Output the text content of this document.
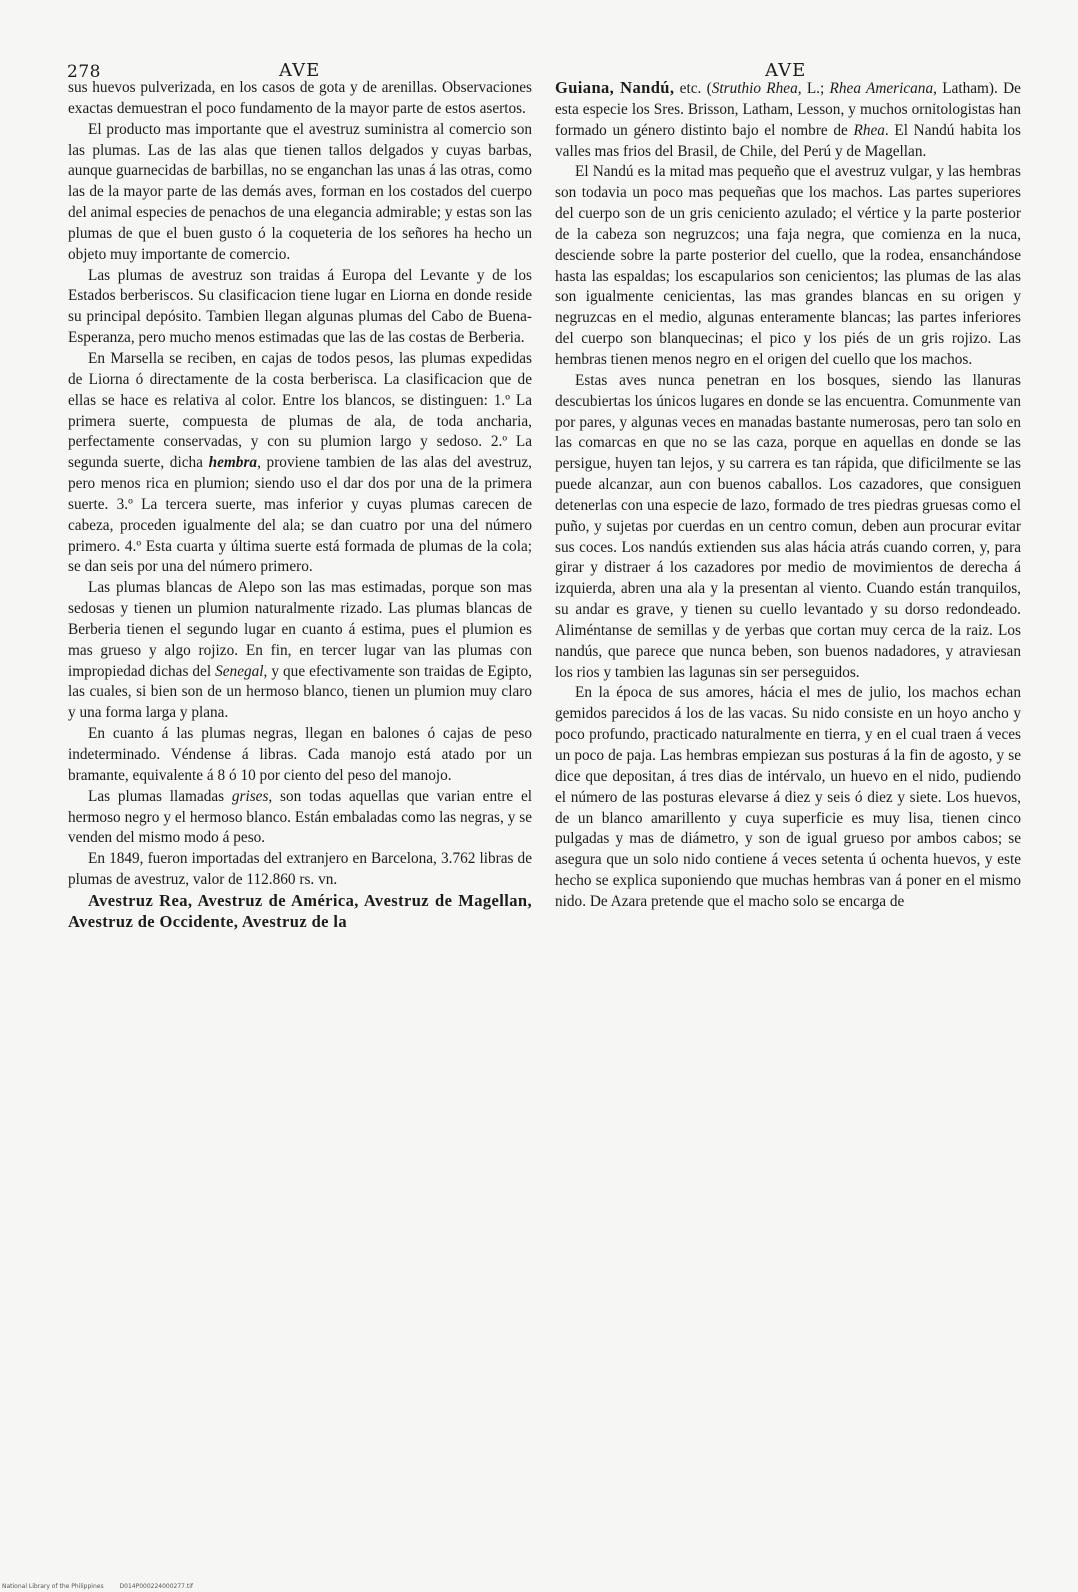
278	AVE	AVE

sus huevos pulverizada, en los casos de gota y de arenillas. Observaciones exactas demuestran el poco fundamento de la mayor parte de estos asertos.

El producto mas importante que el avestruz suministra al comercio son las plumas. Las de las alas que tienen tallos delgados y cuyas barbas, aunque guarnecidas de barbillas, no se enganchan las unas á las otras, como las de la mayor parte de las demás aves, forman en los costados del cuerpo del animal especies de penachos de una elegancia admirable; y estas son las plumas de que el buen gusto ó la coqueteria de los señores ha hecho un objeto muy importante de comercio.

Las plumas de avestruz son traidas á Europa del Levante y de los Estados berberiscos. Su clasificacion tiene lugar en Liorna en donde reside su principal depósito. Tambien llegan algunas plumas del Cabo de Buena-Esperanza, pero mucho menos estimadas que las de las costas de Berberia.

En Marsella se reciben, en cajas de todos pesos, las plumas expedidas de Liorna ó directamente de la costa berberisca. La clasificacion que de ellas se hace es relativa al color. Entre los blancos, se distinguen: 1.º La primera suerte, compuesta de plumas de ala, de toda ancharia, perfectamente conservadas, y con su plumion largo y sedoso. 2.º La segunda suerte, dicha hembra, proviene tambien de las alas del avestruz, pero menos rica en plumion; siendo uso el dar dos por una de la primera suerte. 3.º La tercera suerte, mas inferior y cuyas plumas carecen de cabeza, proceden igualmente del ala; se dan cuatro por una del número primero. 4.º Esta cuarta y última suerte está formada de plumas de la cola; se dan seis por una del número primero.

Las plumas blancas de Alepo son las mas estimadas, porque son mas sedosas y tienen un plumion naturalmente rizado. Las plumas blancas de Berberia tienen el segundo lugar en cuanto á estima, pues el plumion es mas grueso y algo rojizo. En fin, en tercer lugar van las plumas con impropiedad dichas del Senegal, y que efectivamente son traidas de Egipto, las cuales, si bien son de un hermoso blanco, tienen un plumion muy claro y una forma larga y plana.

En cuanto á las plumas negras, llegan en balones ó cajas de peso indeterminado. Véndense á libras. Cada manojo está atado por un bramante, equivalente á 8 ó 10 por ciento del peso del manojo.

Las plumas llamadas grises, son todas aquellas que varian entre el hermoso negro y el hermoso blanco. Están embaladas como las negras, y se venden del mismo modo á peso.

En 1849, fueron importadas del extranjero en Barcelona, 3.762 libras de plumas de avestruz, valor de 112.860 rs. vn.

Avestruz Rea, Avestruz de América, Avestruz de Magellan, Avestruz de Occidente, Avestruz de la

Guiana, Nandú, etc. (Struthio Rhea, L.; Rhea Americana, Latham). De esta especie los Sres. Brisson, Latham, Lesson, y muchos ornitologistas han formado un género distinto bajo el nombre de Rhea. El Nandú habita los valles mas frios del Brasil, de Chile, del Perú y de Magellan.

El Nandú es la mitad mas pequeño que el avestruz vulgar, y las hembras son todavia un poco mas pequeñas que los machos. Las partes superiores del cuerpo son de un gris ceniciento azulado; el vértice y la parte posterior de la cabeza son negruzcos; una faja negra, que comienza en la nuca, desciende sobre la parte posterior del cuello, que la rodea, ensanchándose hasta las espaldas; los escapularios son cenicientos; las plumas de las alas son igualmente cenicientas, las mas grandes blancas en su origen y negruzcas en el medio, algunas enteramente blancas; las partes inferiores del cuerpo son blanquecinas; el pico y los piés de un gris rojizo. Las hembras tienen menos negro en el origen del cuello que los machos.

Estas aves nunca penetran en los bosques, siendo las llanuras descubiertas los únicos lugares en donde se las encuentra. Comunmente van por pares, y algunas veces en manadas bastante numerosas, pero tan solo en las comarcas en que no se las caza, porque en aquellas en donde se las persigue, huyen tan lejos, y su carrera es tan rápida, que dificilmente se las puede alcanzar, aun con buenos caballos. Los cazadores, que consiguen detenerlas con una especie de lazo, formado de tres piedras gruesas como el puño, y sujetas por cuerdas en un centro comun, deben aun procurar evitar sus coces. Los nandús extienden sus alas hácia atrás cuando corren, y, para girar y distraer á los cazadores por medio de movimientos de derecha á izquierda, abren una ala y la presentan al viento. Cuando están tranquilos, su andar es grave, y tienen su cuello levantado y su dorso redondeado. Aliméntanse de semillas y de yerbas que cortan muy cerca de la raiz. Los nandús, que parece que nunca beben, son buenos nadadores, y atraviesan los rios y tambien las lagunas sin ser perseguidos.

En la época de sus amores, hácia el mes de julio, los machos echan gemidos parecidos á los de las vacas. Su nido consiste en un hoyo ancho y poco profundo, practicado naturalmente en tierra, y en el cual traen á veces un poco de paja. Las hembras empiezan sus posturas á la fin de agosto, y se dice que depositan, á tres dias de intérvalo, un huevo en el nido, pudiendo el número de las posturas elevarse á diez y seis ó diez y siete. Los huevos, de un blanco amarillento y cuya superficie es muy lisa, tienen cinco pulgadas y mas de diámetro, y son de igual grueso por ambos cabos; se asegura que un solo nido contiene á veces setenta ú ochenta huevos, y este hecho se explica suponiendo que muchas hembras van á poner en el mismo nido. De Azara pretende que el macho solo se encarga de

National Library of the Philippines	D014P000224000277.tif
